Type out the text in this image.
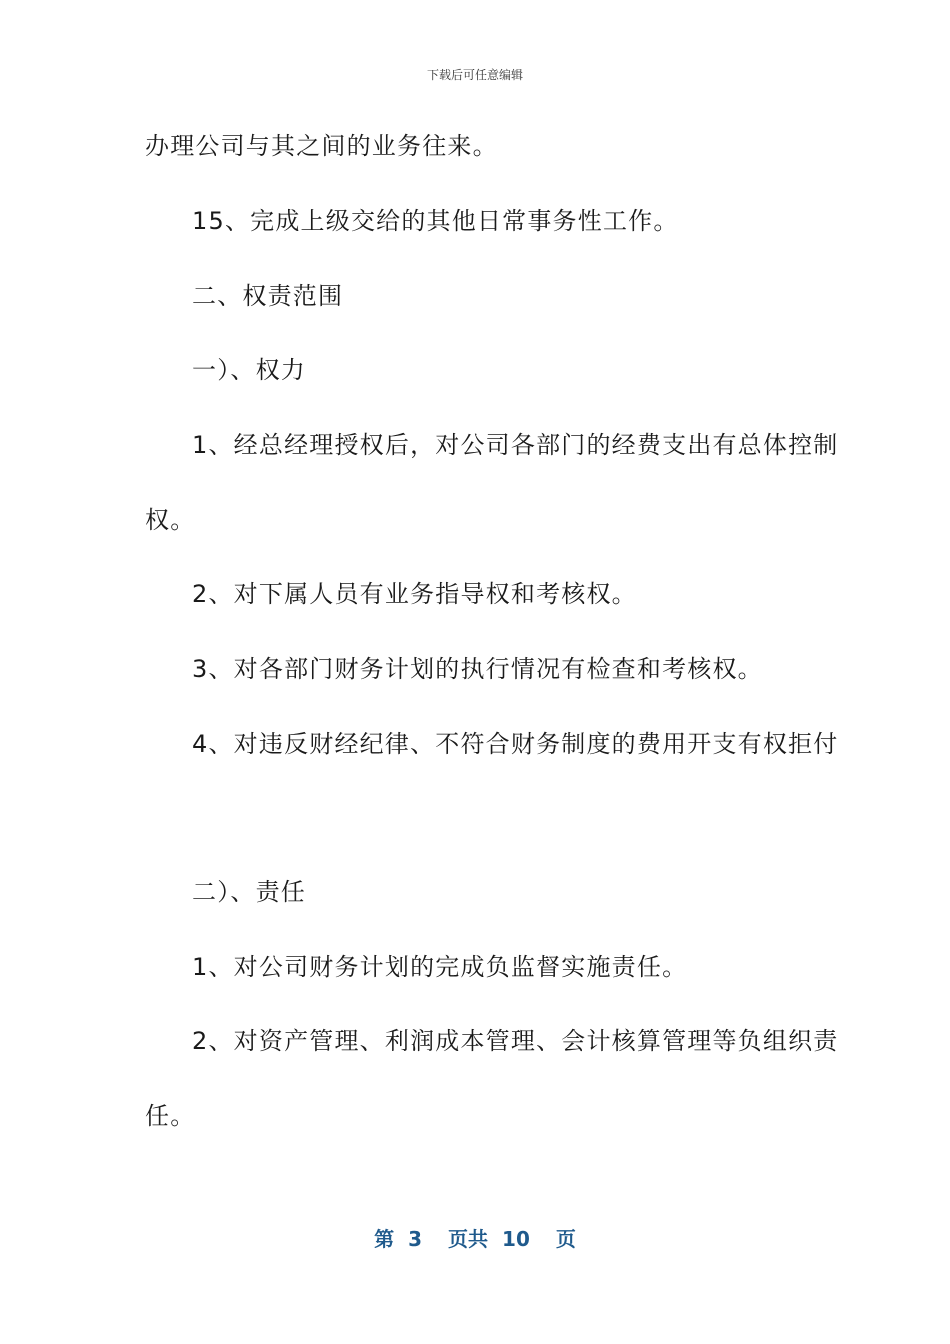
下载后可任意编辑
办理公司与其之间的业务往来。
15、完成上级交给的其他日常事务性工作。
二、权责范围
一）、权力
1、经总经理授权后，对公司各部门的经费支出有总体控制
权。
2、对下属人员有业务指导权和考核权。
3、对各部门财务计划的执行情况有检查和考核权。
4、对违反财经纪律、不符合财务制度的费用开支有权拒付
二）、责任
1、对公司财务计划的完成负监督实施责任。
2、对资产管理、利润成本管理、会计核算管理等负组织责
任。
第 3 页共 10 页
